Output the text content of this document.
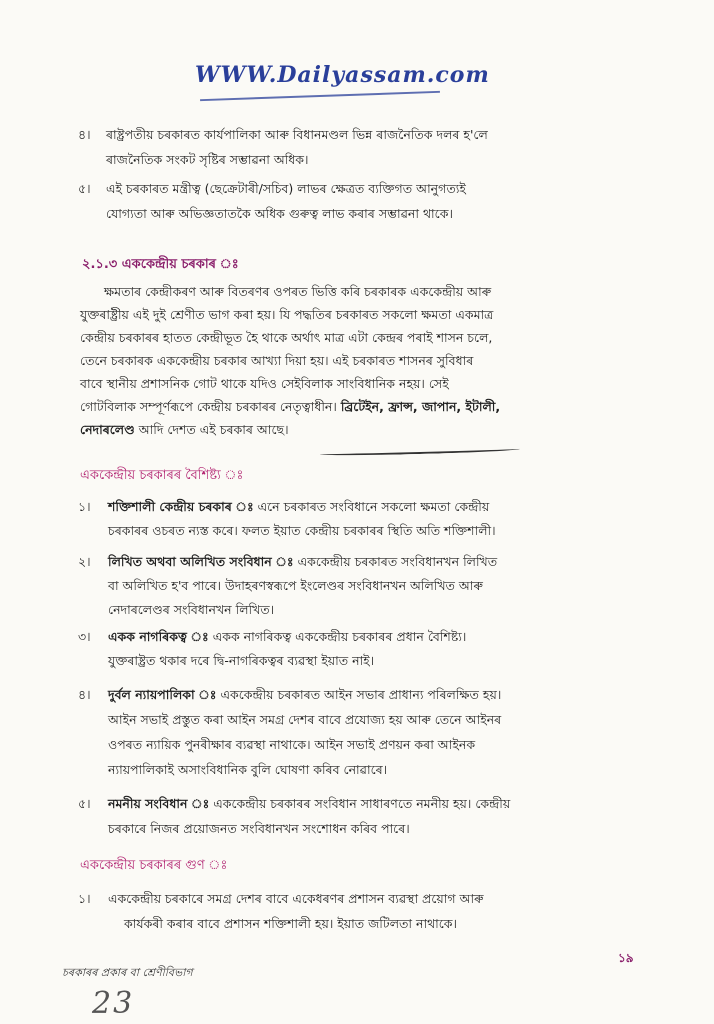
WWW.Dailyassam.com
৪।	ৰাষ্ট্ৰপতীয় চৰকাৰত কাৰ্যপালিকা আৰু বিধানমণ্ডল ভিন্ন ৰাজনৈতিক দলৰ হ'লে
ৰাজনৈতিক সংকট সৃষ্টিৰ সম্ভাৱনা অধিক।
৫।	এই চৰকাৰত মন্ত্ৰীত্ব (ছেক্ৰেটাৰী/সচিব) লাভৰ ক্ষেত্ৰত ব্যক্তিগত আনুগত্যই
যোগ্যতা আৰু অভিজ্ঞতাতকৈ অধিক গুৰুত্ব লাভ কৰাৰ সম্ভাৱনা থাকে।
২.১.৩ এককেন্দ্ৰীয় চৰকাৰ ঃ
ক্ষমতাৰ কেন্দ্ৰীকৰণ আৰু বিতৰণৰ ওপৰত ভিত্তি কৰি চৰকাৰক এককেন্দ্ৰীয় আৰু
যুক্তৰাষ্ট্ৰীয় এই দুই শ্ৰেণীত ভাগ কৰা হয়। যি পদ্ধতিৰ চৰকাৰত সকলো ক্ষমতা একমাত্ৰ
কেন্দ্ৰীয় চৰকাৰৰ হাতত কেন্দ্ৰীভূত হৈ থাকে অৰ্থাৎ মাত্ৰ এটা কেন্দ্ৰৰ পৰাই শাসন চলে,
তেনে চৰকাৰক এককেন্দ্ৰীয় চৰকাৰ আখ্যা দিয়া হয়। এই চৰকাৰত শাসনৰ সুবিধাৰ
বাবে স্থানীয় প্ৰশাসনিক গোট থাকে যদিও সেইবিলাক সাংবিধানিক নহয়। সেই
গোটবিলাক সম্পূৰ্ণৰূপে কেন্দ্ৰীয় চৰকাৰৰ নেতৃত্বাধীন। ব্ৰিটেইন, ফ্ৰান্স, জাপান, ইটালী,
নেদাৰলেণ্ড আদি দেশত এই চৰকাৰ আছে।
এককেন্দ্ৰীয় চৰকাৰৰ বৈশিষ্ট্য ঃ
১।	শক্তিশালী কেন্দ্ৰীয় চৰকাৰ ঃ এনে চৰকাৰত সংবিধানে সকলো ক্ষমতা কেন্দ্ৰীয়
চৰকাৰৰ ওচৰত ন্যস্ত কৰে। ফলত ইয়াত কেন্দ্ৰীয় চৰকাৰৰ স্থিতি অতি শক্তিশালী।
২।	লিখিত অথবা অলিখিত সংবিধান ঃ এককেন্দ্ৰীয় চৰকাৰত সংবিধানখন লিখিত
বা অলিখিত হ'ব পাৰে। উদাহৰণস্বৰূপে ইংলেণ্ডৰ সংবিধানখন অলিখিত আৰু
নেদাৰলেণ্ডৰ সংবিধানখন লিখিত।
৩।	একক নাগৰিকত্ব ঃ একক নাগৰিকত্ব এককেন্দ্ৰীয় চৰকাৰৰ প্ৰধান বৈশিষ্ট্য।
যুক্তৰাষ্ট্ৰত থকাৰ দৰে দ্বি-নাগৰিকত্বৰ ব্যৱস্থা ইয়াত নাই।
৪।	দুৰ্বল ন্যায়পালিকা ঃ এককেন্দ্ৰীয় চৰকাৰত আইন সভাৰ প্ৰাধান্য পৰিলক্ষিত হয়।
আইন সভাই প্ৰস্তুত কৰা আইন সমগ্ৰ দেশৰ বাবে প্ৰযোজ্য হয় আৰু তেনে আইনৰ
ওপৰত ন্যায়িক পুনৰীক্ষাৰ ব্যৱস্থা নাথাকে। আইন সভাই প্ৰণয়ন কৰা আইনক
ন্যায়পালিকাই অসাংবিধানিক বুলি ঘোষণা কৰিব নোৱাৰে।
৫।	নমনীয় সংবিধান ঃ এককেন্দ্ৰীয় চৰকাৰৰ সংবিধান সাধাৰণতে নমনীয় হয়। কেন্দ্ৰীয়
চৰকাৰে নিজৰ প্ৰয়োজনত সংবিধানখন সংশোধন কৰিব পাৰে।
এককেন্দ্ৰীয় চৰকাৰৰ গুণ ঃ
১।	এককেন্দ্ৰীয় চৰকাৰে সমগ্ৰ দেশৰ বাবে একেধৰণৰ প্ৰশাসন ব্যৱস্থা প্ৰয়োগ আৰু
কাৰ্যকৰী কৰাৰ বাবে প্ৰশাসন শক্তিশালী হয়। ইয়াত জটিলতা নাথাকে।
চৰকাৰৰ প্ৰকাৰ বা শ্ৰেণীবিভাগ
১৯
23
